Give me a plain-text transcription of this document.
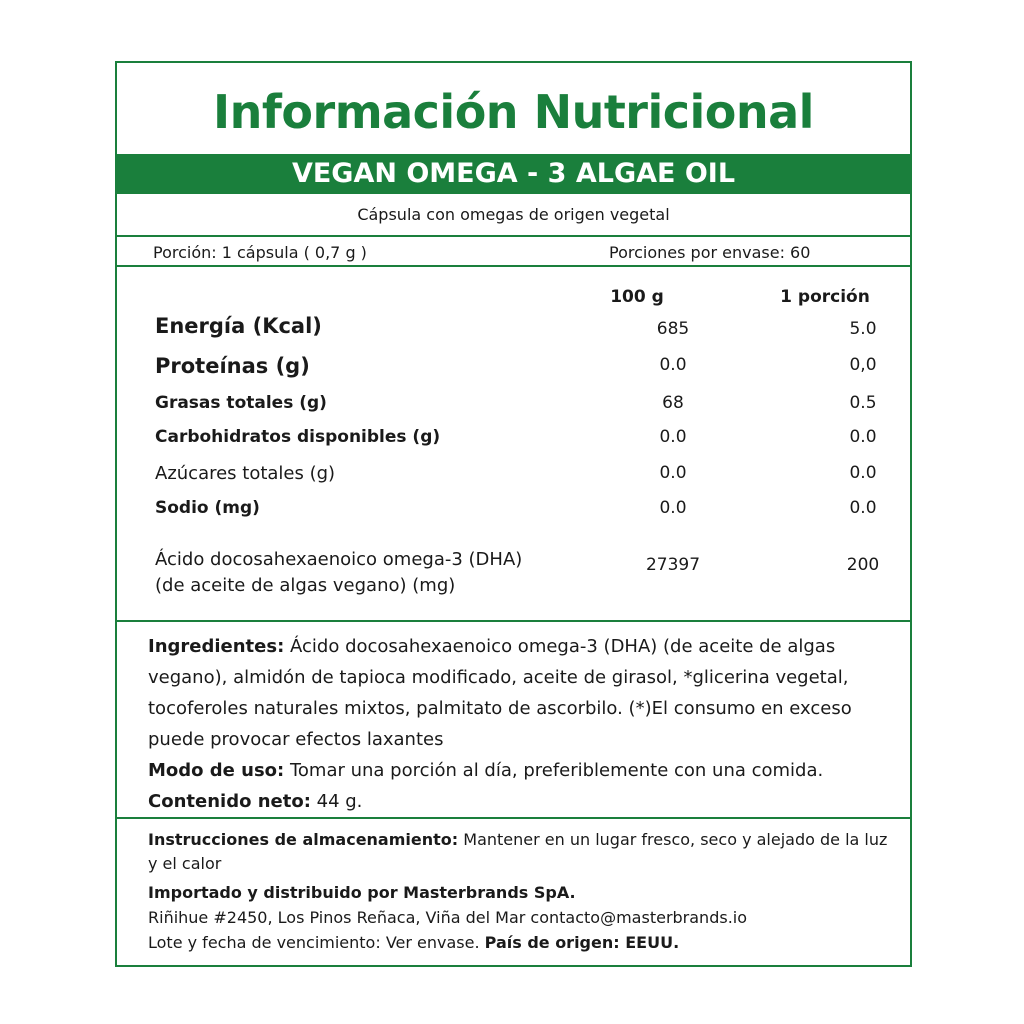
Información Nutricional
VEGAN OMEGA - 3 ALGAE OIL
Cápsula con omegas de origen vegetal
Porción: 1 cápsula ( 0,7 g )	Porciones por envase: 60
100 g	1 porción
Energía (Kcal)	685	5.0
Proteínas (g)	0.0	0,0
Grasas totales (g)	68	0.5
Carbohidratos disponibles (g)	0.0	0.0
Azúcares totales (g)	0.0	0.0
Sodio (mg)	0.0	0.0
Ácido docosahexaenoico omega-3 (DHA)
(de aceite de algas vegano) (mg)
27397	200
Ingredientes: Ácido docosahexaenoico omega-3 (DHA) (de aceite de algas vegano), almidón de tapioca modificado, aceite de girasol, *glicerina vegetal, tocoferoles naturales mixtos, palmitato de ascorbilo. (*)El consumo en exceso puede provocar efectos laxantes
Modo de uso: Tomar una porción al día, preferiblemente con una comida. Contenido neto: 44 g.
Instrucciones de almacenamiento: Mantener en un lugar fresco, seco y alejado de la luz y el calor
Importado y distribuido por Masterbrands SpA.
Riñihue #2450, Los Pinos Reñaca, Viña del Mar contacto@masterbrands.io
Lote y fecha de vencimiento: Ver envase. País de origen: EEUU.
